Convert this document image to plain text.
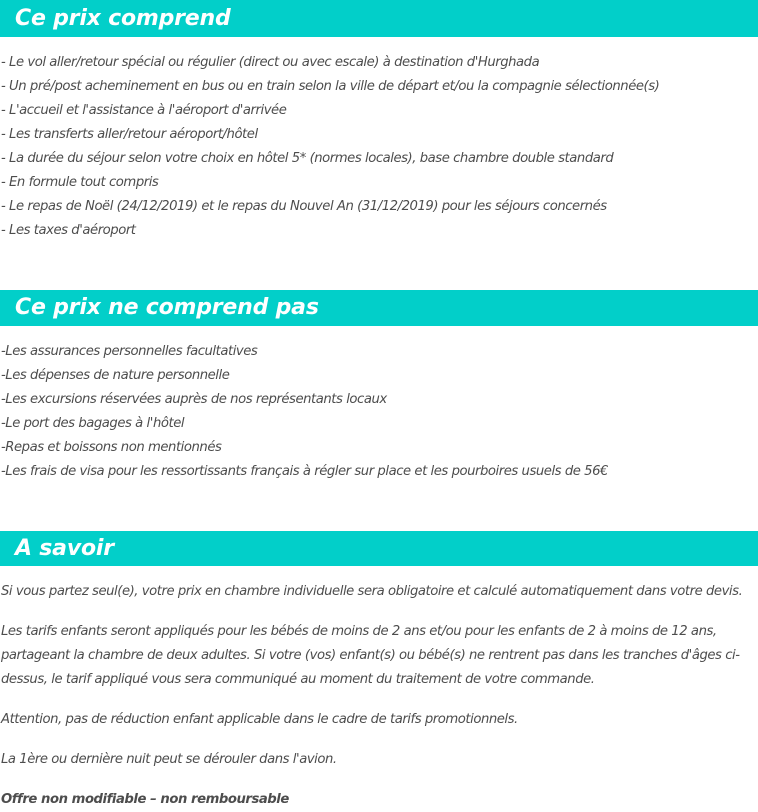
Ce prix comprend
- Le vol aller/retour spécial ou régulier (direct ou avec escale) à destination d'Hurghada
- Un pré/post acheminement en bus ou en train selon la ville de départ et/ou la compagnie sélectionnée(s)
- L'accueil et l'assistance à l'aéroport d'arrivée
- Les transferts aller/retour aéroport/hôtel
- La durée du séjour selon votre choix en hôtel 5* (normes locales), base chambre double standard
- En formule tout compris
- Le repas de Noël (24/12/2019) et le repas du Nouvel An (31/12/2019) pour les séjours concernés
- Les taxes d'aéroport
Ce prix ne comprend pas
-Les assurances personnelles facultatives
-Les dépenses de nature personnelle
-Les excursions réservées auprès de nos représentants locaux
-Le port des bagages à l'hôtel
-Repas et boissons non mentionnés
-Les frais de visa pour les ressortissants français à régler sur place et les pourboires usuels de 56€
A savoir

Si vous partez seul(e), votre prix en chambre individuelle sera obligatoire et calculé automatiquement dans votre devis.

Les tarifs enfants seront appliqués pour les bébés de moins de 2 ans et/ou pour les enfants de 2 à moins de 12 ans, partageant la chambre de deux adultes. Si votre (vos) enfant(s) ou bébé(s) ne rentrent pas dans les tranches d'âges ci-dessus, le tarif appliqué vous sera communiqué au moment du traitement de votre commande.

Attention, pas de réduction enfant applicable dans le cadre de tarifs promotionnels.

La 1ère ou dernière nuit peut se dérouler dans l'avion.

Offre non modifiable – non remboursable
